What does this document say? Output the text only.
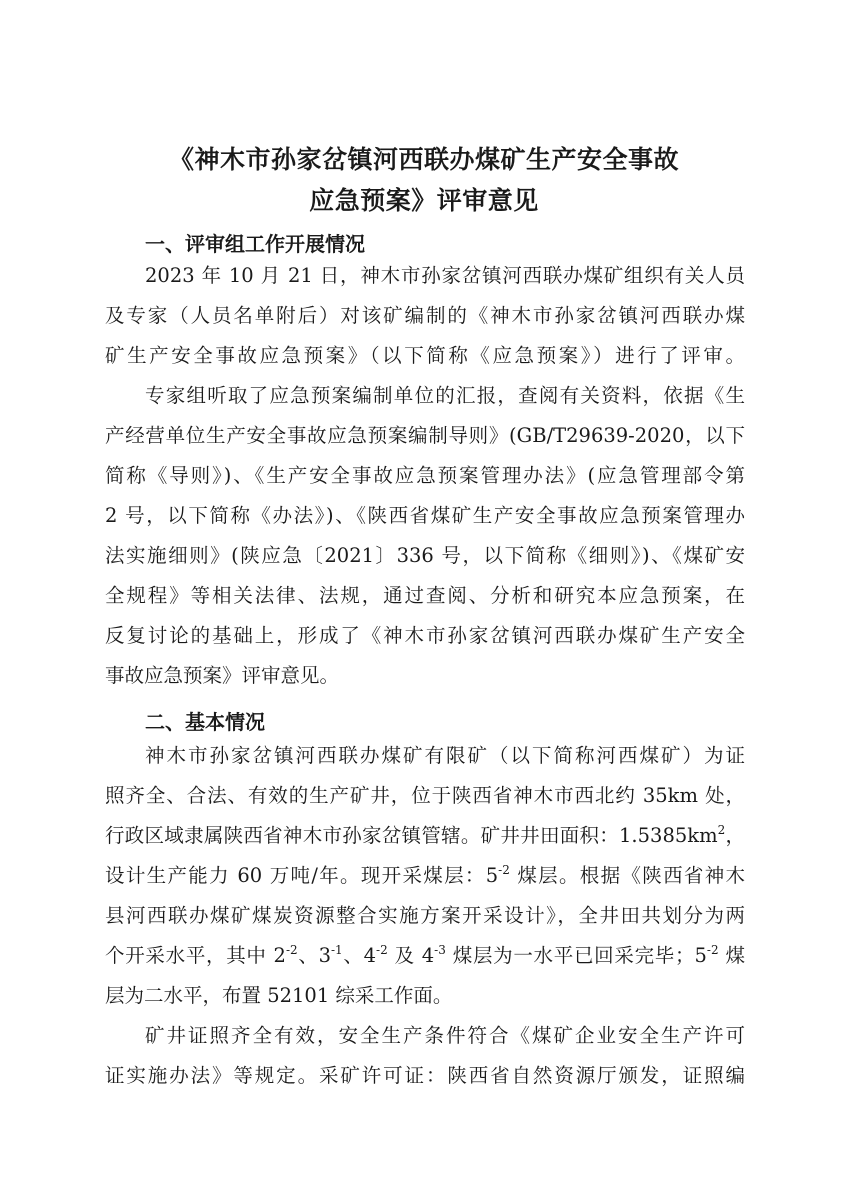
《神木市孙家岔镇河西联办煤矿生产安全事故
应急预案》评审意见
一、评审组工作开展情况

2023 年 10 月 21 日，神木市孙家岔镇河西联办煤矿组织有关人员

及专家（人员名单附后）对该矿编制的《神木市孙家岔镇河西联办煤

矿生产安全事故应急预案》（以下简称《应急预案》）进行了评审。

专家组听取了应急预案编制单位的汇报，查阅有关资料，依据《生

产经营单位生产安全事故应急预案编制导则》(GB/T29639-2020，以下

简称《导则》)、《生产安全事故应急预案管理办法》(应急管理部令第

2 号，以下简称《办法》)、《陕西省煤矿生产安全事故应急预案管理办

法实施细则》(陕应急〔2021〕336 号，以下简称《细则》)、《煤矿安

全规程》等相关法律、法规，通过查阅、分析和研究本应急预案，在

反复讨论的基础上，形成了《神木市孙家岔镇河西联办煤矿生产安全

事故应急预案》评审意见。

二、基本情况

神木市孙家岔镇河西联办煤矿有限矿（以下简称河西煤矿）为证

照齐全、合法、有效的生产矿井，位于陕西省神木市西北约 35km 处，

行政区域隶属陕西省神木市孙家岔镇管辖。矿井井田面积：$1.5385km^2$，

设计生产能力 60 万吨/年。现开采煤层：$5^{-2}$ 煤层。根据《陕西省神木

县河西联办煤矿煤炭资源整合实施方案开采设计》，全井田共划分为两

个开采水平，其中 $2^{-2}$、$3^{-1}$、$4^{-2}$ 及 $4^{-3}$ 煤层为一水平已回采完毕；$5^{-2}$ 煤

层为二水平，布置 52101 综采工作面。

矿井证照齐全有效，安全生产条件符合《煤矿企业安全生产许可

证实施办法》等规定。采矿许可证：陕西省自然资源厅颁发，证照编
